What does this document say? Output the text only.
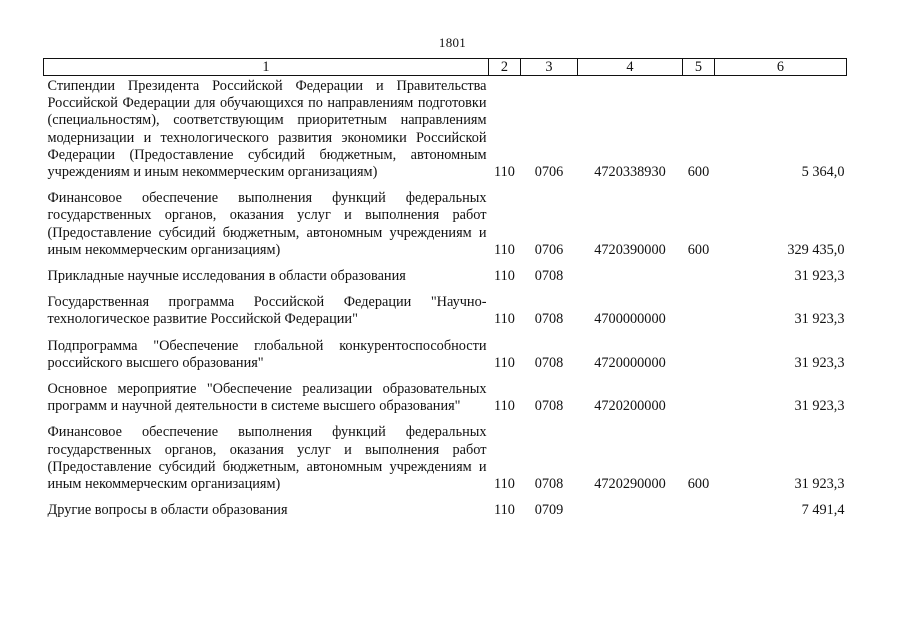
1801
1	2	3	4	5	6
Стипендии Президента Российской Федерации и Правительства Российской Федерации для обучающихся по направлениям подготовки (специальностям), соответствующим приоритетным направлениям модернизации и технологического развития экономики Российской Федерации (Предоставление субсидий бюджетным, автономным учреждениям и иным некоммерческим организациям)	110	0706	4720338930	600	5 364,0
Финансовое обеспечение выполнения функций федеральных государственных органов, оказания услуг и выполнения работ (Предоставление субсидий бюджетным, автономным учреждениям и иным некоммерческим организациям)	110	0706	4720390000	600	329 435,0
Прикладные научные исследования в области образования	110	0708			31 923,3
Государственная программа Российской Федерации "Научно-технологическое развитие Российской Федерации"	110	0708	4700000000		31 923,3
Подпрограмма "Обеспечение глобальной конкурентоспособности российского высшего образования"	110	0708	4720000000		31 923,3
Основное мероприятие "Обеспечение реализации образовательных программ и научной деятельности в системе высшего образования"	110	0708	4720200000		31 923,3
Финансовое обеспечение выполнения функций федеральных государственных органов, оказания услуг и выполнения работ (Предоставление субсидий бюджетным, автономным учреждениям и иным некоммерческим организациям)	110	0708	4720290000	600	31 923,3
Другие вопросы в области образования	110	0709			7 491,4
